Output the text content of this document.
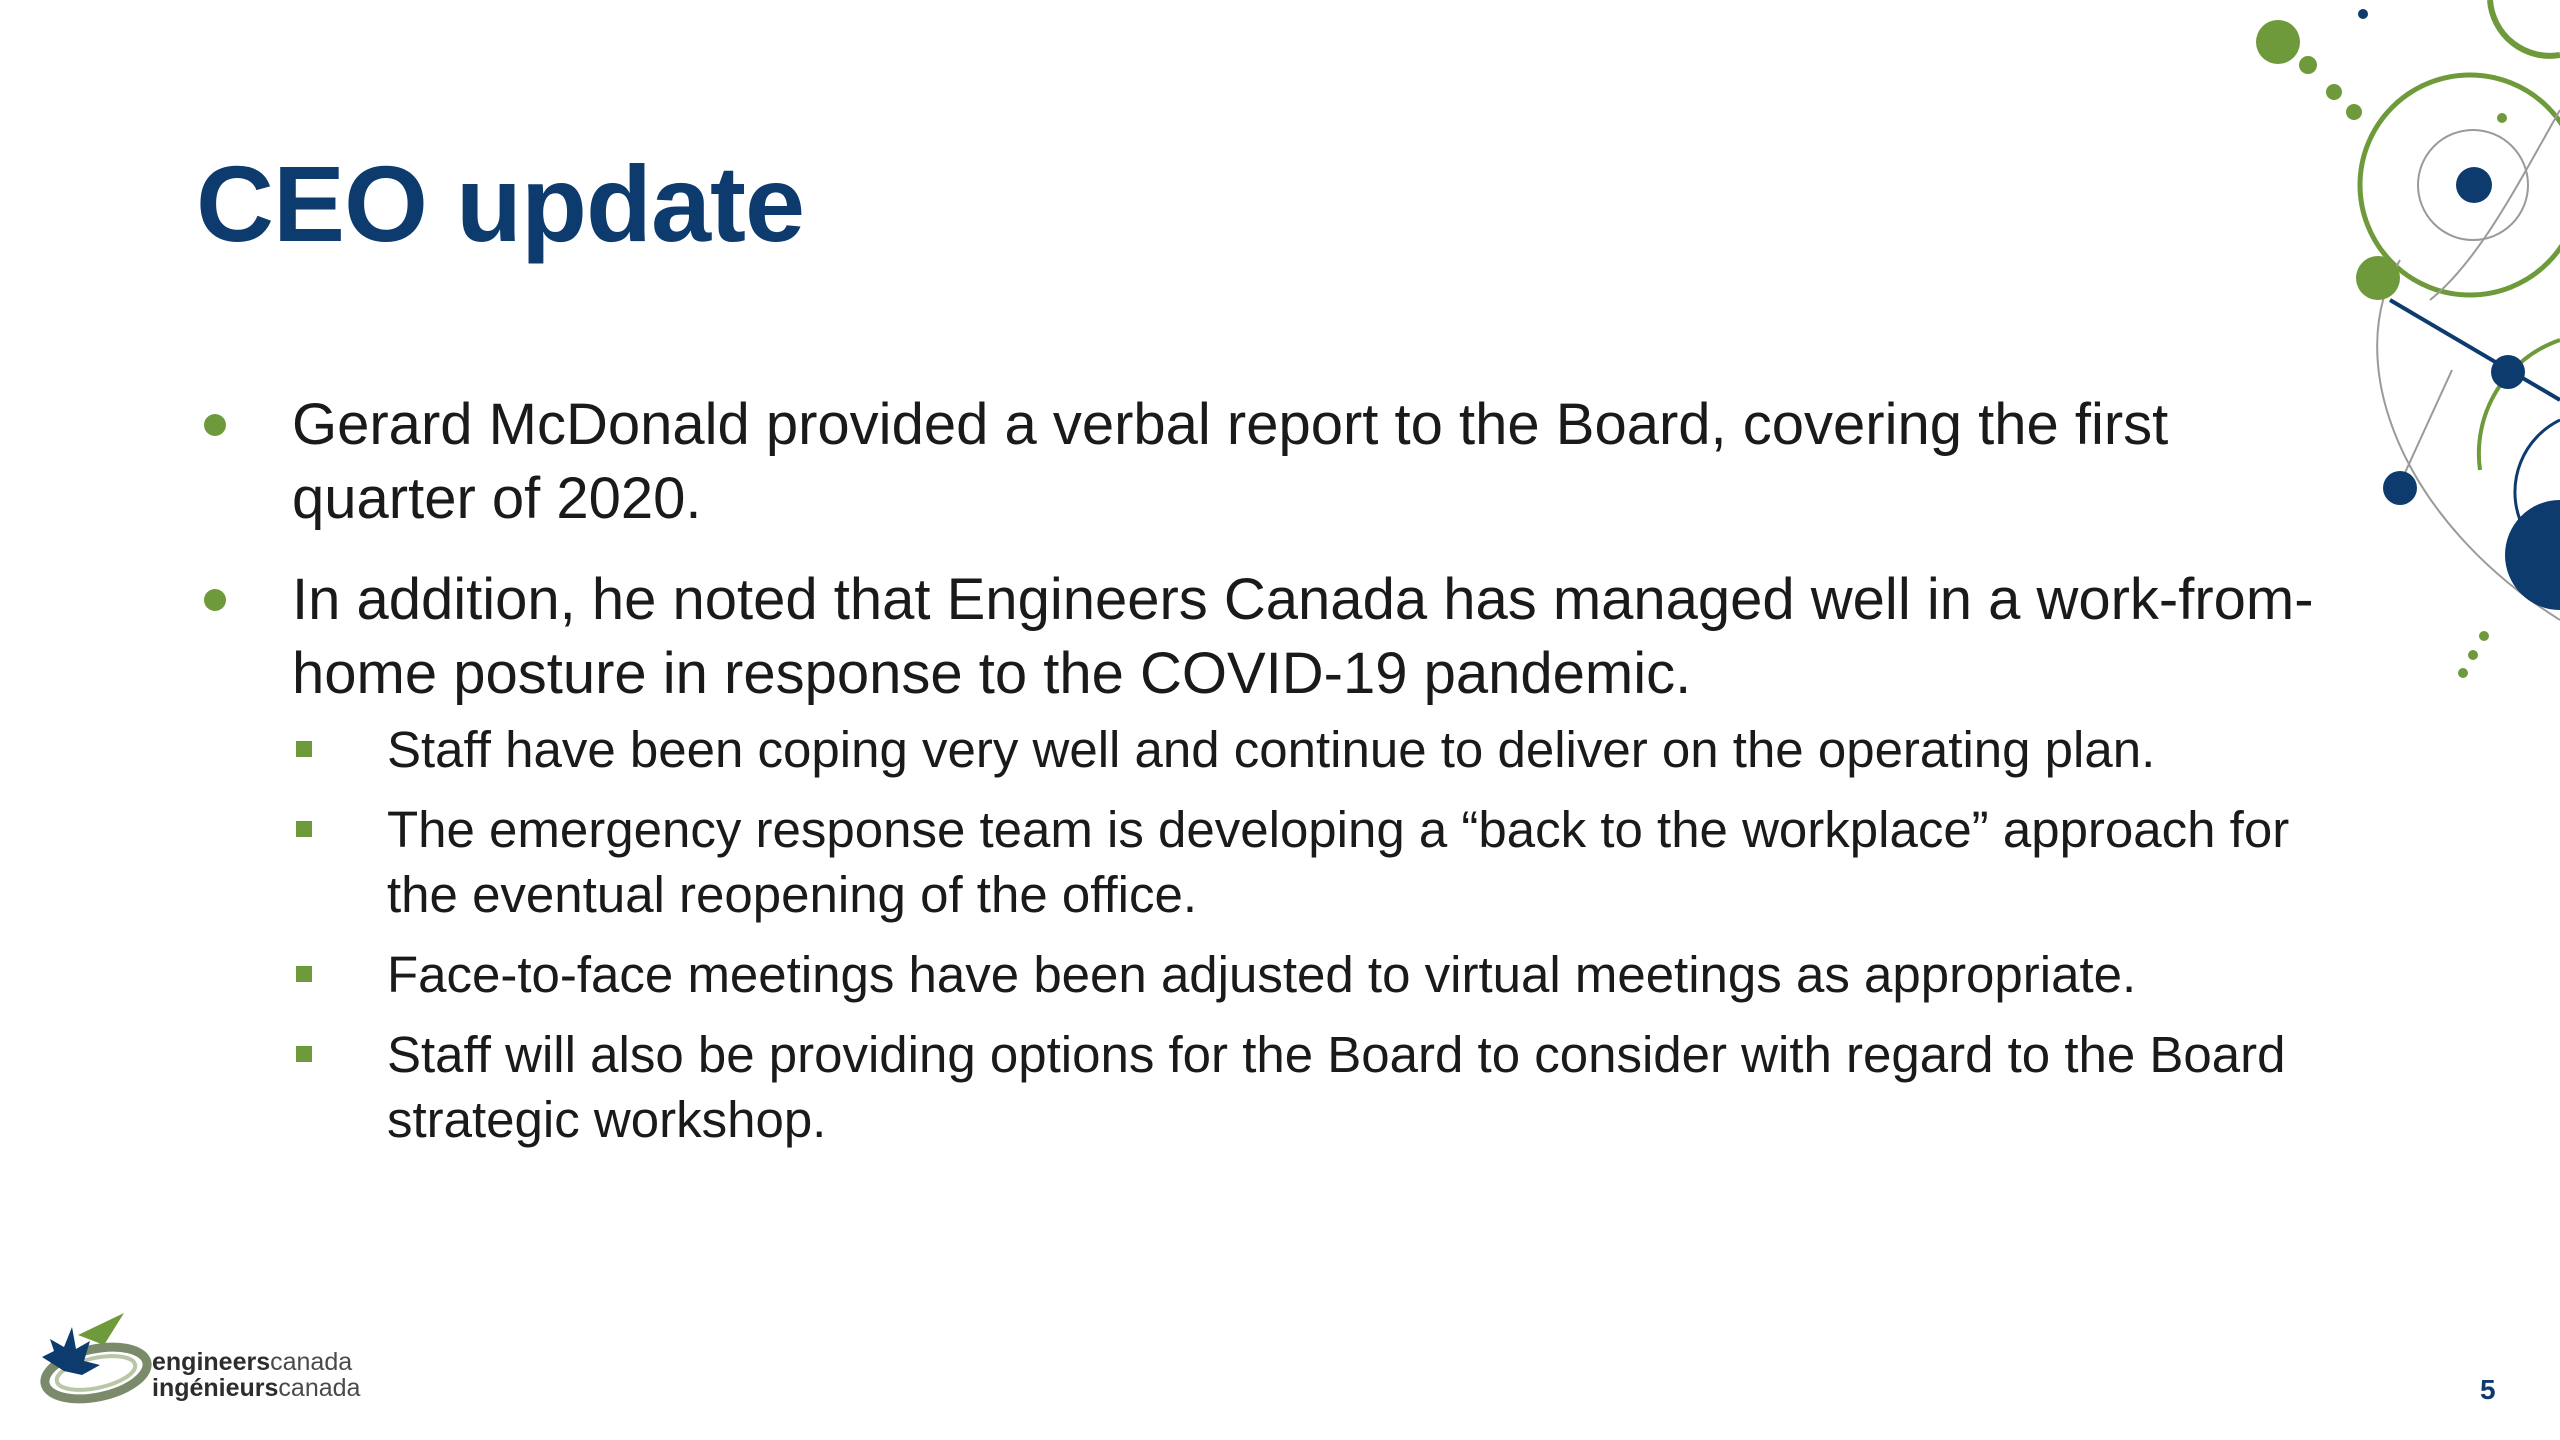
CEO update
Gerard McDonald provided a verbal report to the Board, covering the first quarter of 2020.
In addition, he noted that Engineers Canada has managed well in a work-from-home posture in response to the COVID-19 pandemic.
Staff have been coping very well and continue to deliver on the operating plan.
The emergency response team is developing a “back to the workplace” approach for the eventual reopening of the office.
Face-to-face meetings have been adjusted to virtual meetings as appropriate.
Staff will also be providing options for the Board to consider with regard to the Board strategic workshop.
engineerscanada
ingénieurscanada	5
